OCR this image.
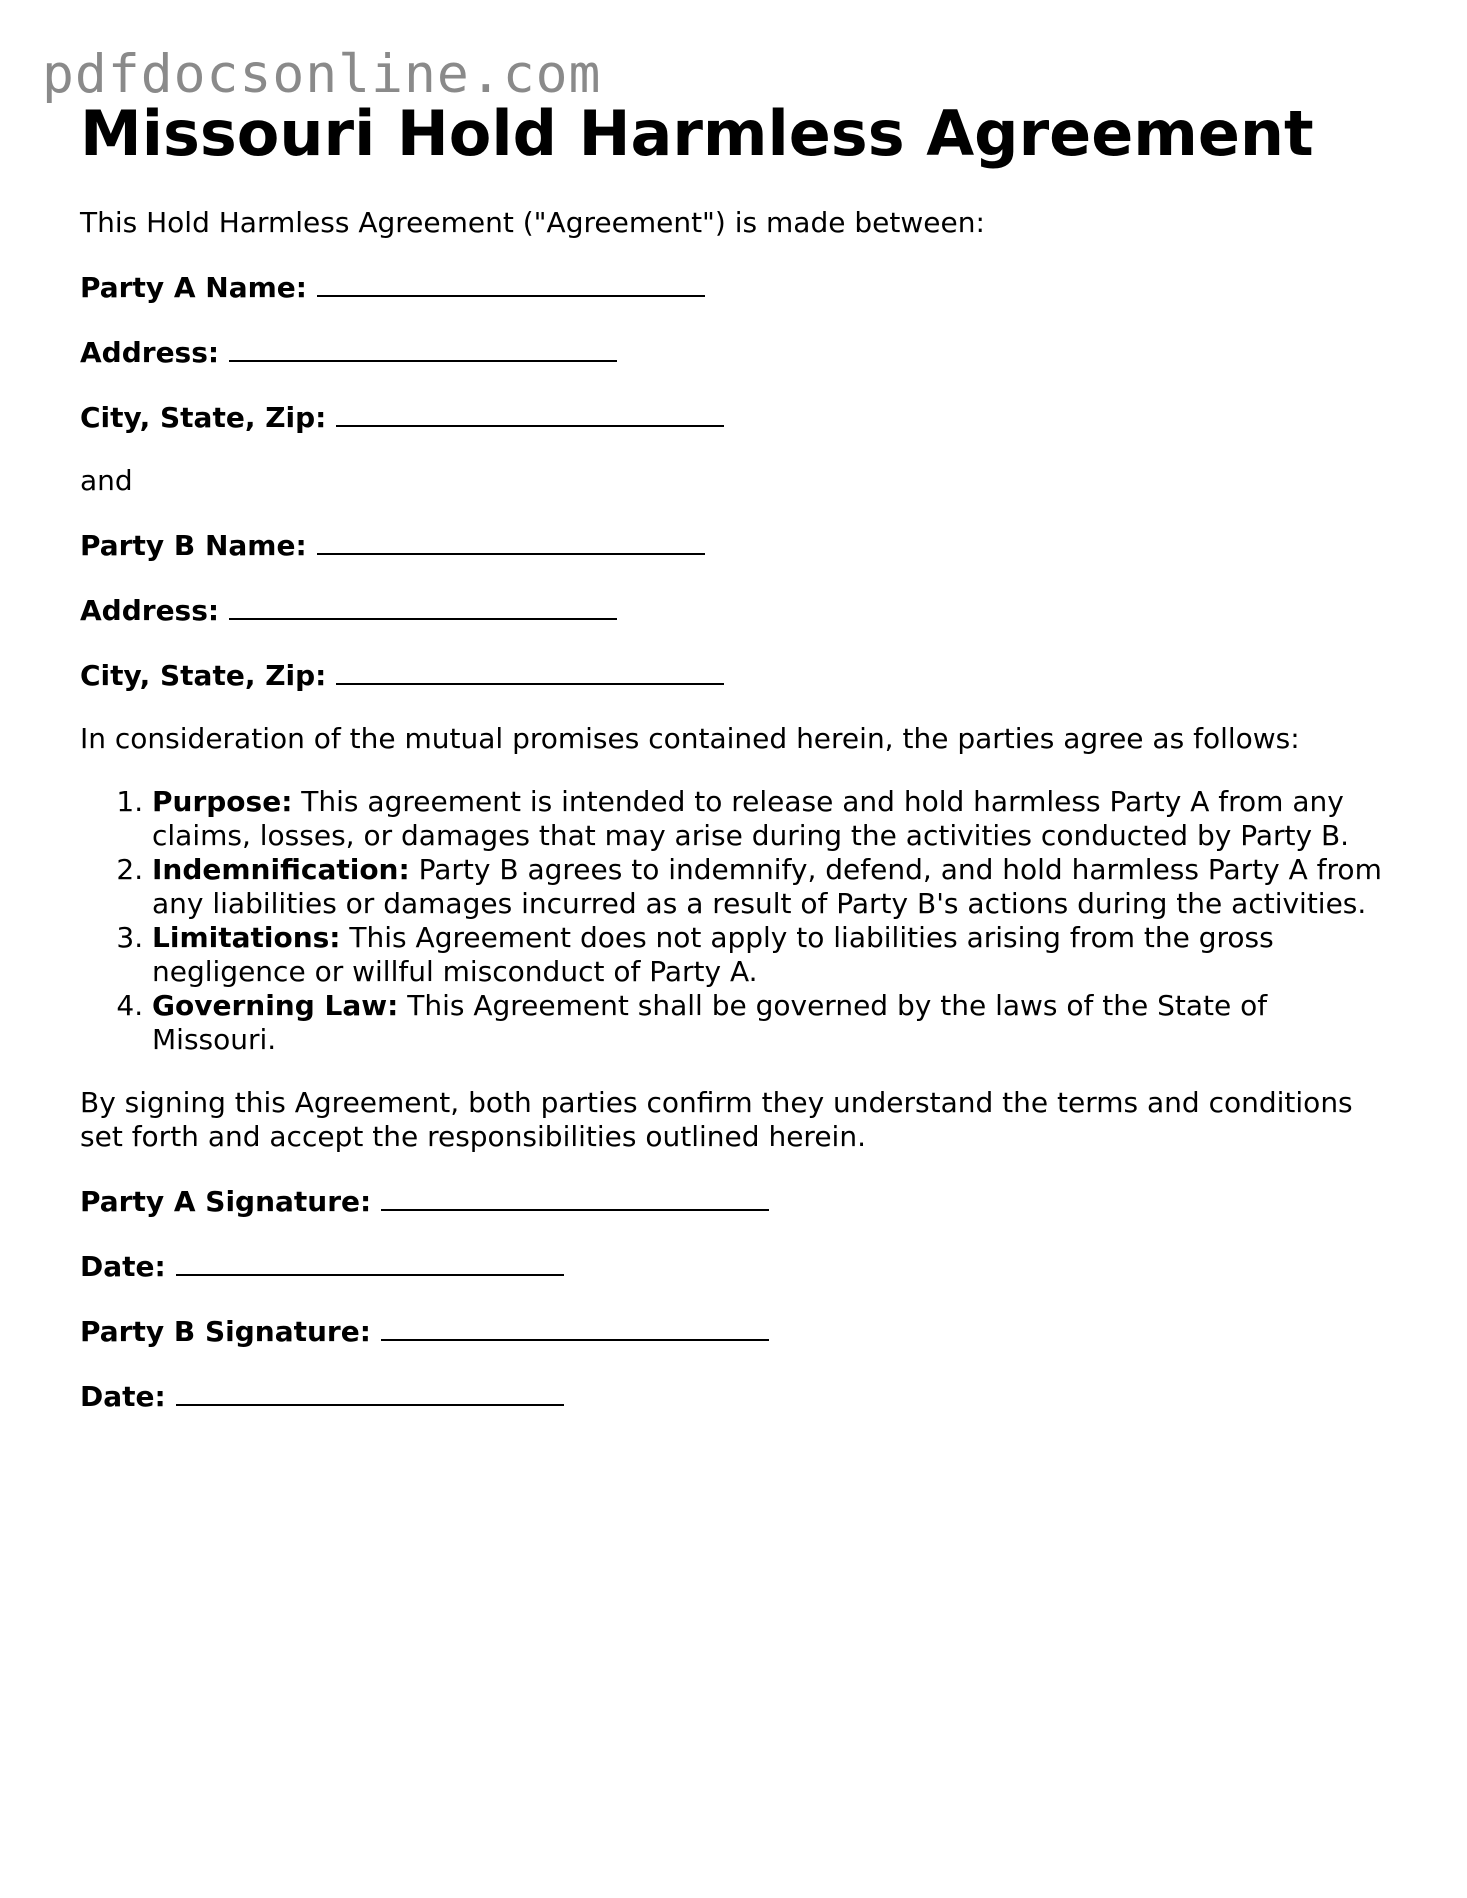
pdfdocsonline.com
Missouri Hold Harmless Agreement

This Hold Harmless Agreement ("Agreement") is made between:

Party A Name:
Address:
City, State, Zip:

and

Party B Name:
Address:
City, State, Zip:

In consideration of the mutual promises contained herein, the parties agree as follows:

1. Purpose: This agreement is intended to release and hold harmless Party A from any claims, losses, or damages that may arise during the activities conducted by Party B.
2. Indemnification: Party B agrees to indemnify, defend, and hold harmless Party A from any liabilities or damages incurred as a result of Party B's actions during the activities.
3. Limitations: This Agreement does not apply to liabilities arising from the gross negligence or willful misconduct of Party A.
4. Governing Law: This Agreement shall be governed by the laws of the State of Missouri.

By signing this Agreement, both parties confirm they understand the terms and conditions set forth and accept the responsibilities outlined herein.

Party A Signature:
Date:
Party B Signature:
Date:
